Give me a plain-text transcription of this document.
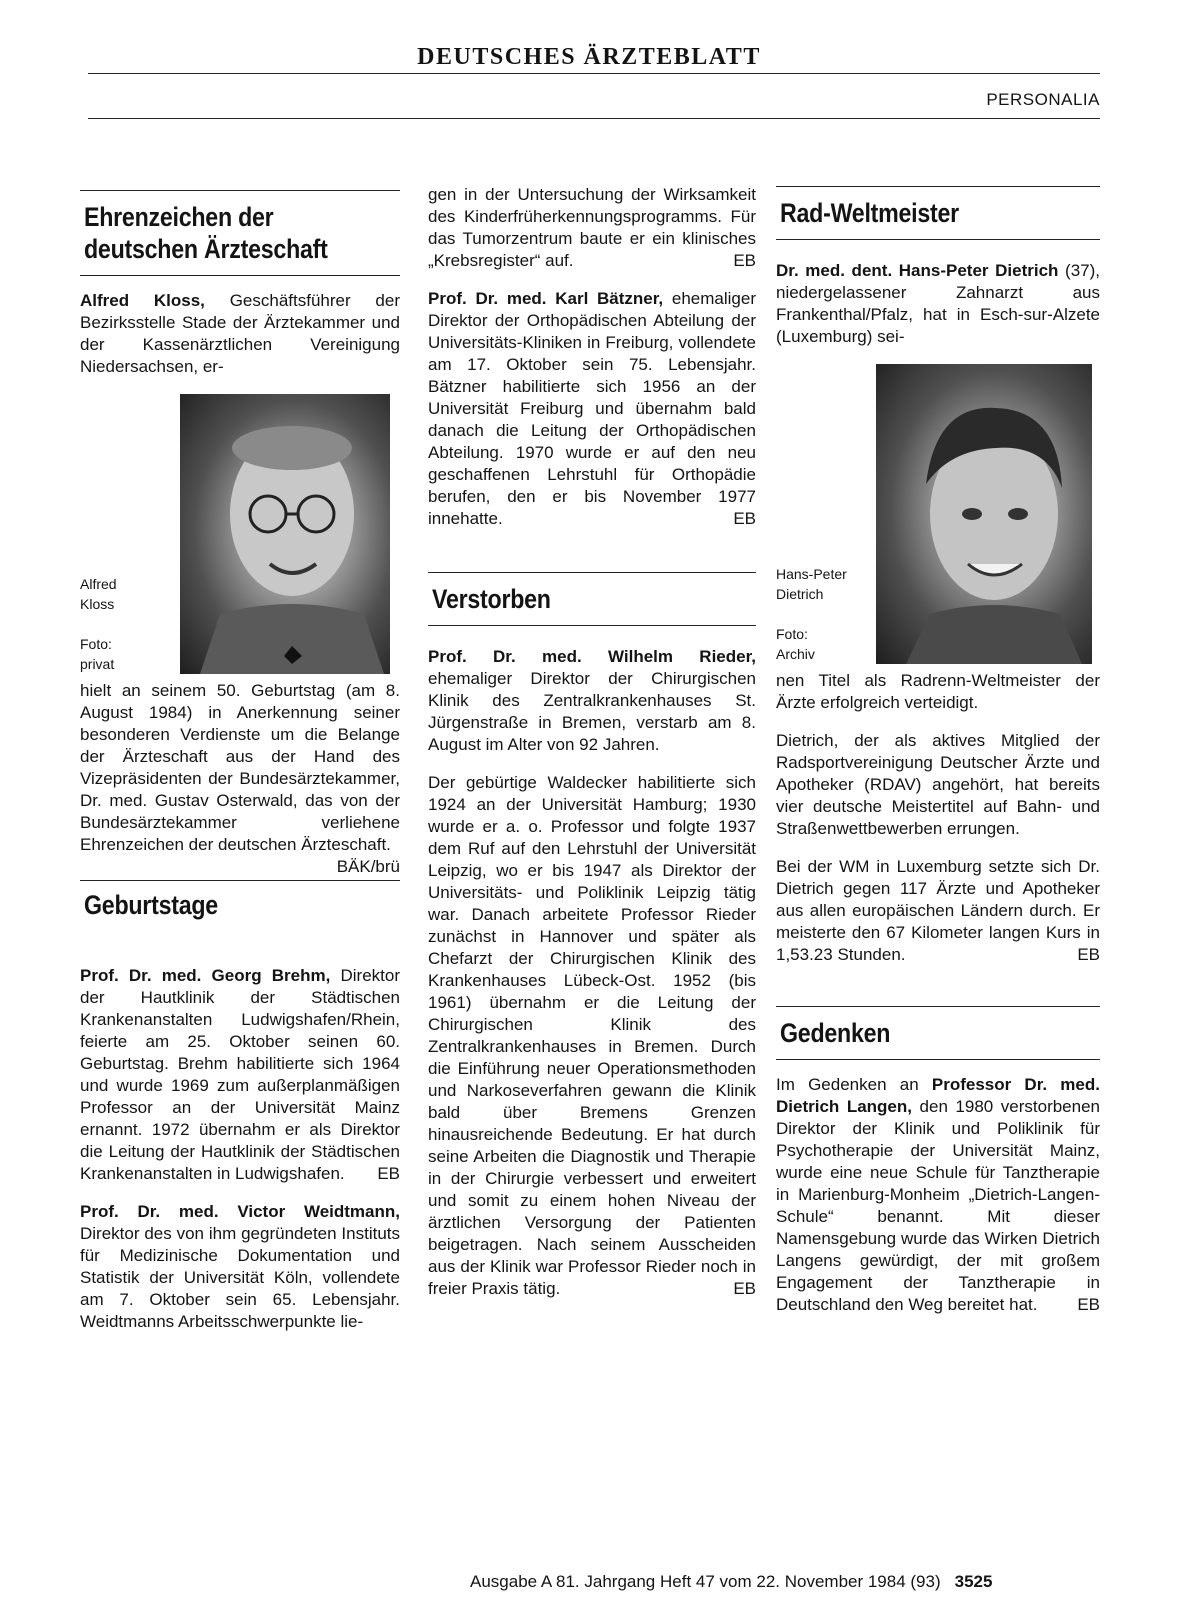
DEUTSCHES ÄRZTEBLATT
PERSONALIA
Ehrenzeichen der deutschen Ärzteschaft

Alfred Kloss, Geschäftsführer der Bezirksstelle Stade der Ärztekammer und der Kassenärztlichen Vereinigung Niedersachsen, er-

Alfred
Kloss
Foto:
privat

hielt an seinem 50. Geburtstag (am 8. August 1984) in Anerkennung seiner besonderen Verdienste um die Belange der Ärzteschaft aus der Hand des Vizepräsidenten der Bundesärztekammer, Dr. med. Gustav Osterwald, das von der Bundesärztekammer verliehene Ehrenzeichen der deutschen Ärzteschaft.
BÄK/brü

Geburtstage

Prof. Dr. med. Georg Brehm, Direktor der Hautklinik der Städtischen Krankenanstalten Ludwigshafen/Rhein, feierte am 25. Oktober seinen 60. Geburtstag. Brehm habilitierte sich 1964 und wurde 1969 zum außerplanmäßigen Professor an der Universität Mainz ernannt. 1972 übernahm er als Direktor die Leitung der Hautklinik der Städtischen Krankenanstalten in Ludwigshafen. EB

Prof. Dr. med. Victor Weidtmann, Direktor des von ihm gegründeten Instituts für Medizinische Dokumentation und Statistik der Universität Köln, vollendete am 7. Oktober sein 65. Lebensjahr. Weidtmanns Arbeitsschwerpunkte lie-

gen in der Untersuchung der Wirksamkeit des Kinderfrüherkennungsprogramms. Für das Tumorzentrum baute er ein klinisches „Krebsregister“ auf.	EB

Prof. Dr. med. Karl Bätzner, ehemaliger Direktor der Orthopädischen Abteilung der Universitäts-Kliniken in Freiburg, vollendete am 17. Oktober sein 75. Lebensjahr. Bätzner habilitierte sich 1956 an der Universität Freiburg und übernahm bald danach die Leitung der Orthopädischen Abteilung. 1970 wurde er auf den neu geschaffenen Lehrstuhl für Orthopädie berufen, den er bis November 1977 innehatte.	EB

Verstorben

Prof. Dr. med. Wilhelm Rieder, ehemaliger Direktor der Chirurgischen Klinik des Zentralkrankenhauses St. Jürgenstraße in Bremen, verstarb am 8. August im Alter von 92 Jahren.

Der gebürtige Waldecker habilitierte sich 1924 an der Universität Hamburg; 1930 wurde er a. o. Professor und folgte 1937 dem Ruf auf den Lehrstuhl der Universität Leipzig, wo er bis 1947 als Direktor der Universitäts- und Poliklinik Leipzig tätig war. Danach arbeitete Professor Rieder zunächst in Hannover und später als Chefarzt der Chirurgischen Klinik des Krankenhauses Lübeck-Ost. 1952 (bis 1961) übernahm er die Leitung der Chirurgischen Klinik des Zentralkrankenhauses in Bremen. Durch die Einführung neuer Operationsmethoden und Narkoseverfahren gewann die Klinik bald über Bremens Grenzen hinausreichende Bedeutung. Er hat durch seine Arbeiten die Diagnostik und Therapie in der Chirurgie verbessert und erweitert und somit zu einem hohen Niveau der ärztlichen Versorgung der Patienten beigetragen. Nach seinem Ausscheiden aus der Klinik war Professor Rieder noch in freier Praxis tätig.	EB

Rad-Weltmeister

Dr. med. dent. Hans-Peter Dietrich (37), niedergelassener Zahnarzt aus Frankenthal/Pfalz, hat in Esch-sur-Alzete (Luxemburg) sei-

Hans-Peter
Dietrich
Foto:
Archiv

nen Titel als Radrenn-Weltmeister der Ärzte erfolgreich verteidigt.

Dietrich, der als aktives Mitglied der Radsportvereinigung Deutscher Ärzte und Apotheker (RDAV) angehört, hat bereits vier deutsche Meistertitel auf Bahn- und Straßenwettbewerben errungen.

Bei der WM in Luxemburg setzte sich Dr. Dietrich gegen 117 Ärzte und Apotheker aus allen europäischen Ländern durch. Er meisterte den 67 Kilometer langen Kurs in 1,53.23 Stunden.	EB

Gedenken

Im Gedenken an Professor Dr. med. Dietrich Langen, den 1980 verstorbenen Direktor der Klinik und Poliklinik für Psychotherapie der Universität Mainz, wurde eine neue Schule für Tanztherapie in Marienburg-Monheim „Dietrich-Langen-Schule“ benannt. Mit dieser Namensgebung wurde das Wirken Dietrich Langens gewürdigt, der mit großem Engagement der Tanztherapie in Deutschland den Weg bereitet hat. EB

Ausgabe A 81. Jahrgang Heft 47 vom 22. November 1984 (93) 3525
